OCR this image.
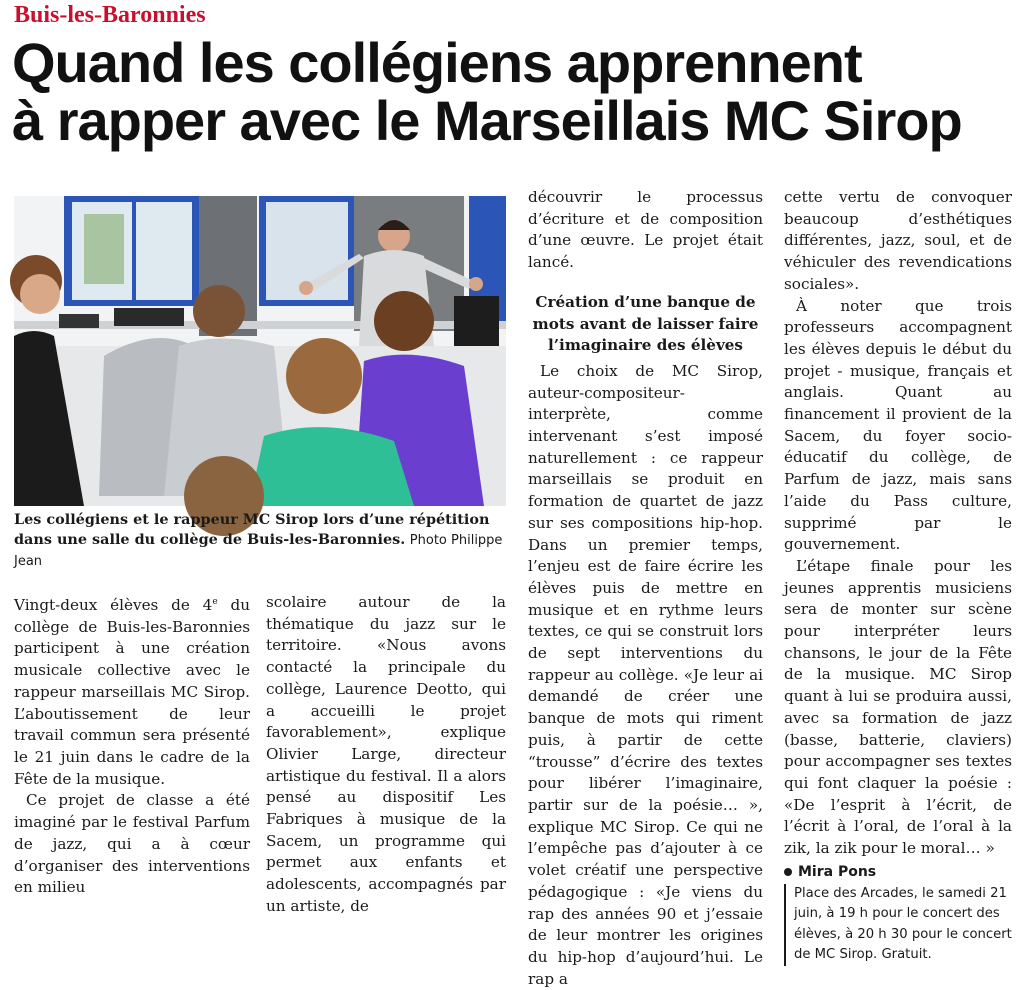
Buis-les-Baronnies
Quand les collégiens apprennent
à rapper avec le Marseillais MC Sirop
Les collégiens et le rappeur MC Sirop lors d’une répétition dans une salle du collège de Buis-les-Baronnies. Photo Philippe Jean

Vingt-deux élèves de 4e du collège de Buis-les-Baronnies participent à une création musicale collective avec le rappeur marseillais MC Sirop. L’aboutissement de leur travail commun sera présenté le 21 juin dans le cadre de la Fête de la musique.

Ce projet de classe a été imaginé par le festival Parfum de jazz, qui a à cœur d’organiser des interventions en milieu

scolaire autour de la thématique du jazz sur le territoire. «Nous avons contacté la principale du collège, Laurence Deotto, qui a accueilli le projet favorablement», explique Olivier Large, directeur artistique du festival. Il a alors pensé au dispositif Les Fabriques à musique de la Sacem, un programme qui permet aux enfants et adolescents, accompagnés par un artiste, de

découvrir le processus d’écriture et de composition d’une œuvre. Le projet était lancé.

Création d’une banque de mots avant de laisser faire l’imaginaire des élèves

Le choix de MC Sirop, auteur-compositeur-interprète, comme intervenant s’est imposé naturellement : ce rappeur marseillais se produit en formation de quartet de jazz sur ses compositions hip-hop. Dans un premier temps, l’enjeu est de faire écrire les élèves puis de mettre en musique et en rythme leurs textes, ce qui se construit lors de sept interventions du rappeur au collège. «Je leur ai demandé de créer une banque de mots qui riment puis, à partir de cette “trousse” d’écrire des textes pour libérer l’imaginaire, partir sur de la poésie… », explique MC Sirop. Ce qui ne l’empêche pas d’ajouter à ce volet créatif une perspective pédagogique : «Je viens du rap des années 90 et j’essaie de leur montrer les origines du hip-hop d’aujourd’hui. Le rap a

cette vertu de convoquer beaucoup d’esthétiques différentes, jazz, soul, et de véhiculer des revendications sociales».

À noter que trois professeurs accompagnent les élèves depuis le début du projet - musique, français et anglais. Quant au financement il provient de la Sacem, du foyer socio-éducatif du collège, de Parfum de jazz, mais sans l’aide du Pass culture, supprimé par le gouvernement.

L’étape finale pour les jeunes apprentis musiciens sera de monter sur scène pour interpréter leurs chansons, le jour de la Fête de la musique. MC Sirop quant à lui se produira aussi, avec sa formation de jazz (basse, batterie, claviers) pour accompagner ses textes qui font claquer la poésie : «De l’esprit à l’écrit, de l’écrit à l’oral, de l’oral à la zik, la zik pour le moral… »

Mira Pons
Place des Arcades, le samedi 21 juin, à 19 h pour le concert des élèves, à 20 h 30 pour le concert de MC Sirop. Gratuit.
